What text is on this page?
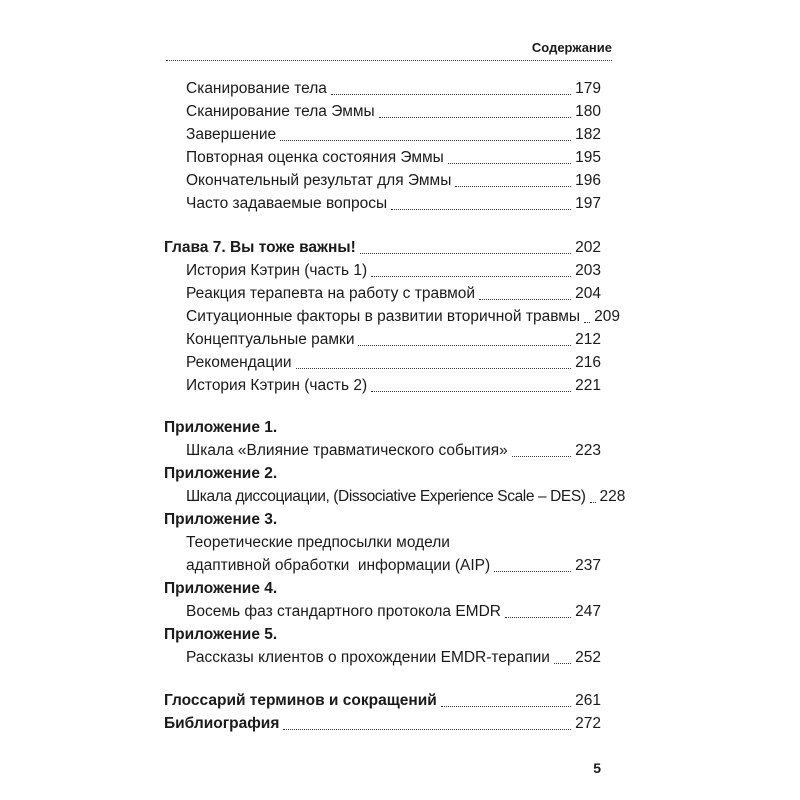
Содержание
Сканирование тела	179
Сканирование тела Эммы	180
Завершение	182
Повторная оценка состояния Эммы	195
Окончательный результат для Эммы	196
Часто задаваемые вопросы	197
Глава 7. Вы тоже важны!	202
История Кэтрин (часть 1)	203
Реакция терапевта на работу с травмой	204
Ситуационные факторы в развитии вторичной травмы 209
Концептуальные рамки	212
Рекомендации	216
История Кэтрин (часть 2)	221
Приложение 1.
Шкала «Влияние травматического события»	223
Приложение 2.
Шкала диссоциации, (Dissociative Experience Scale – DES) 228
Приложение 3.
Теоретические предпосылки модели
адаптивной обработки  информации (AIP)	237
Приложение 4.
Восемь фаз стандартного протокола EMDR	247
Приложение 5.
Рассказы клиентов о прохождении EMDR-терапии 252
Глоссарий терминов и сокращений	261
Библиография	272
5
